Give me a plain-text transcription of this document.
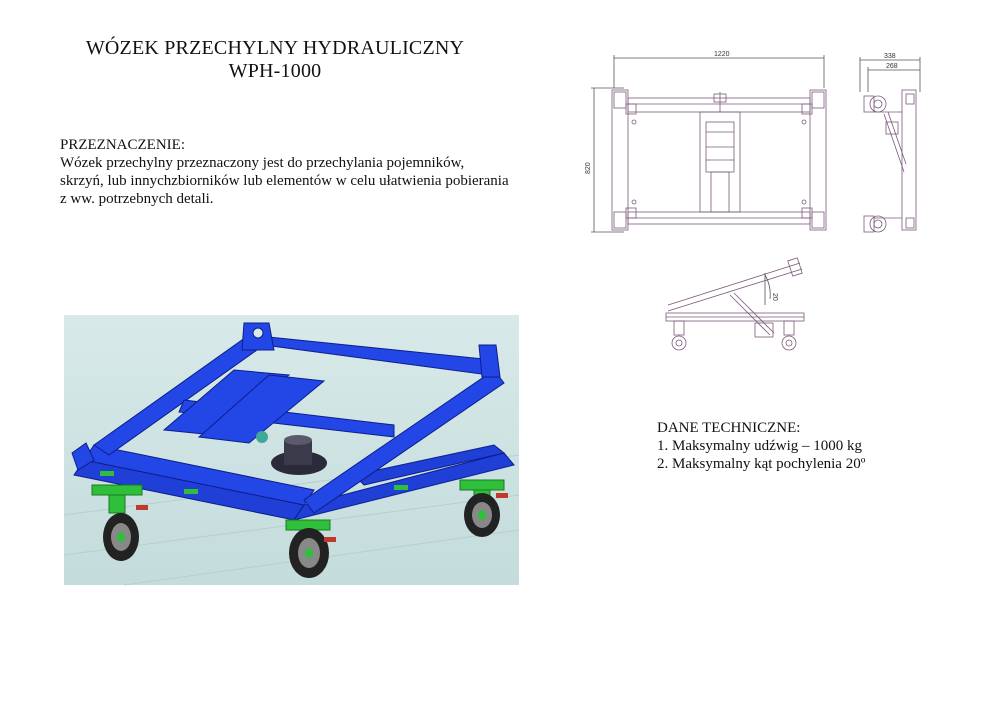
WÓZEK PRZECHYLNY HYDRAULICZNY
WPH-1000
PRZEZNACZENIE:
Wózek przechylny przeznaczony jest do przechylania pojemników,
skrzyń, lub innychzbiorników lub elementów w celu ułatwienia pobierania
z ww. potrzebnych detali.
DANE TECHNICZNE:
1. Maksymalny udźwig – 1000 kg
2. Maksymalny kąt pochylenia 20º
1220
820
338
268
20
